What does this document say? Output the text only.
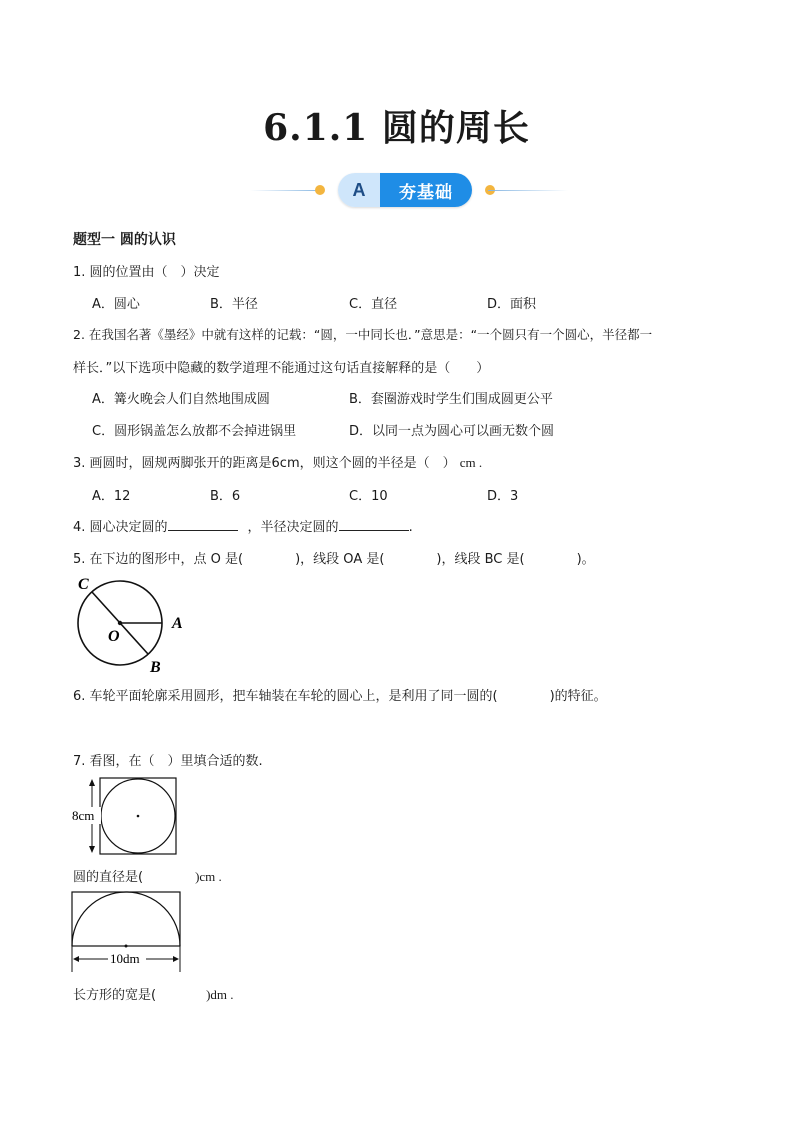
6.1.1 圆的周长
A	夯基础
题型一 圆的认识
1. 圆的位置由（　）决定
A．圆心	B．半径	C．直径	D．面积
2. 在我国名著《墨经》中就有这样的记载：“圆，一中同长也．”意思是：“一个圆只有一个圆心，半径都一
样长．”以下选项中隐藏的数学道理不能通过这句话直接解释的是（　　）
A．篝火晚会人们自然地围成圆	B．套圈游戏时学生们围成圆更公平
C．圆形锅盖怎么放都不会掉进锅里	D．以同一点为圆心可以画无数个圆
3. 画圆时，圆规两脚张开的距离是6cm，则这个圆的半径是（　） cm .
A．12	B．6	C．10	D．3
4. 圆心决定圆的	，半径决定圆的	.
5. 在下边的图形中，点 O 是(　　　　)，线段 OA 是(　　　　)，线段 BC 是(　　　　)。
C
O
A
B
6. 车轮平面轮廓采用圆形，把车轴装在车轮的圆心上，是利用了同一圆的(　　　　)的特征。
7. 看图，在（　）里填合适的数.
8cm
圆的直径是(	)cm .
10dm
长方形的宽是(	)dm .
